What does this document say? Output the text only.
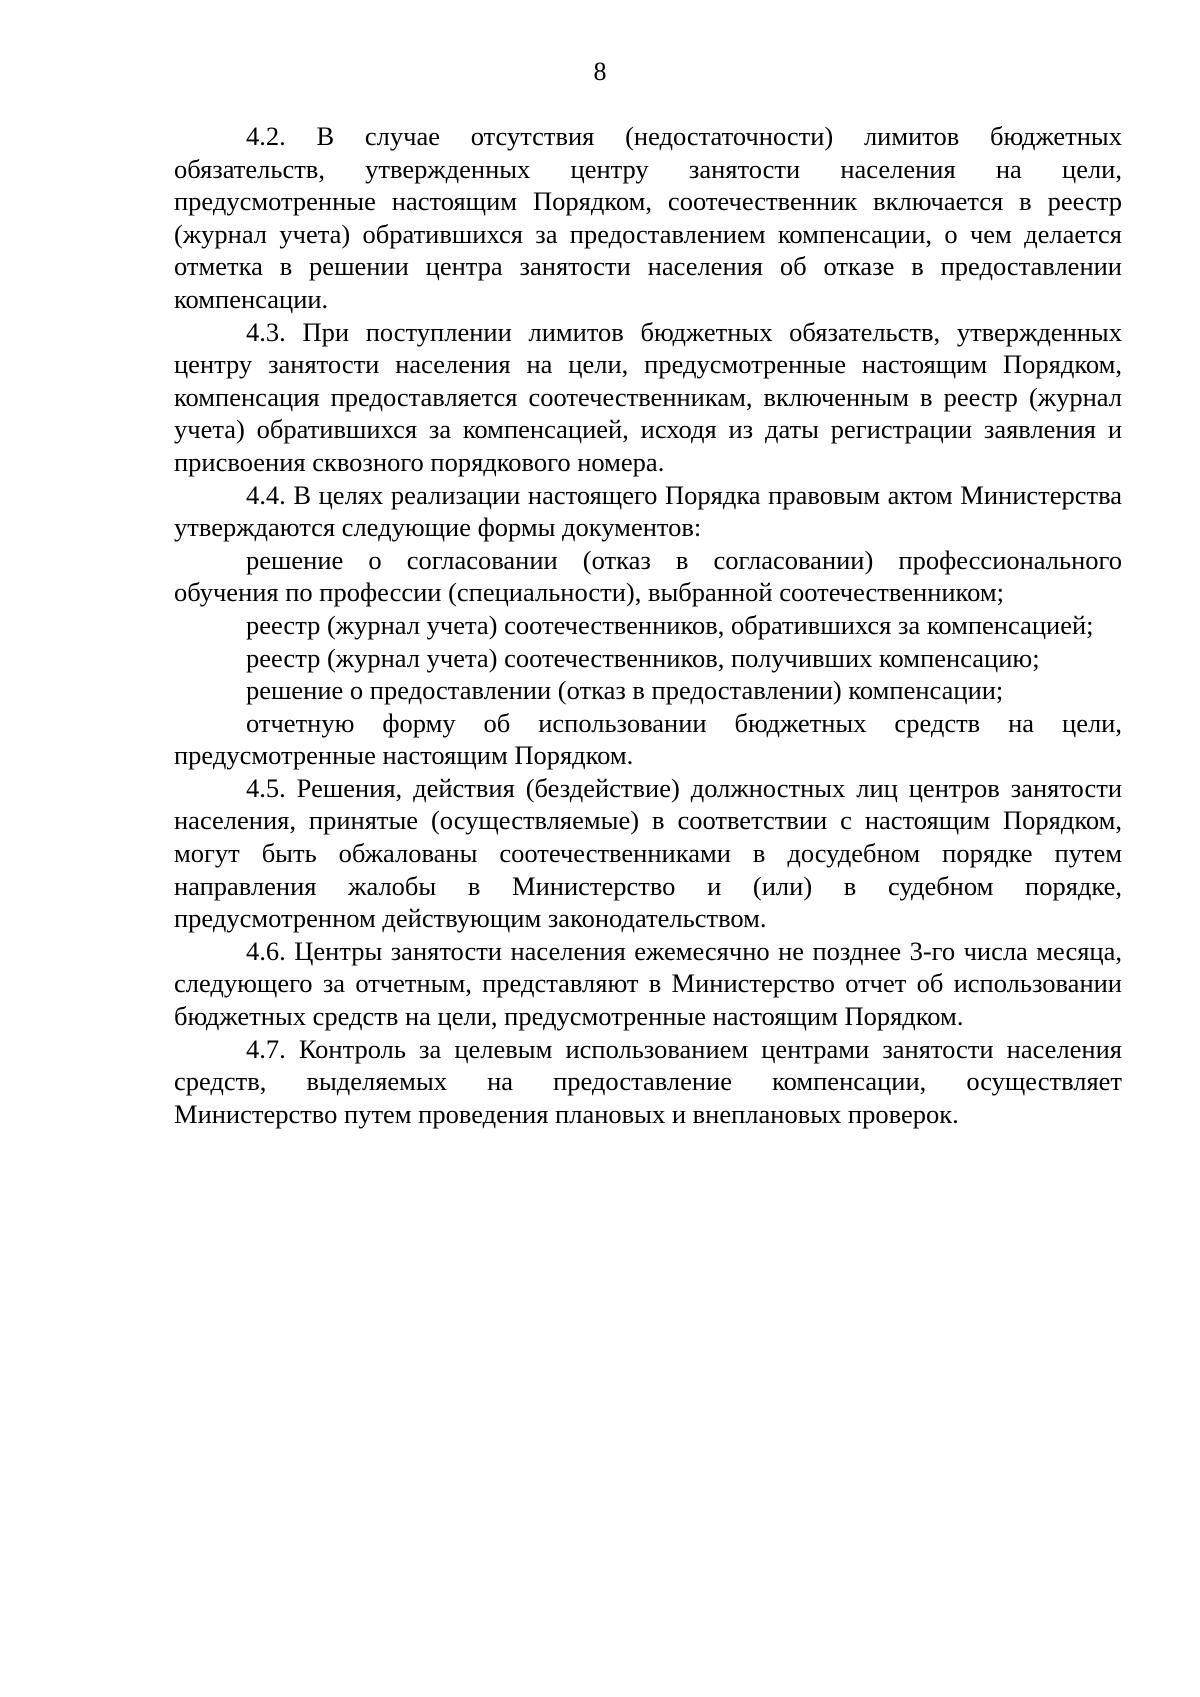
8

4.2. В случае отсутствия (недостаточности) лимитов бюджетных обязательств, утвержденных центру занятости населения на цели, предусмотренные настоящим Порядком, соотечественник включается в реестр (журнал учета) обратившихся за предоставлением компенсации, о чем делается отметка в решении центра занятости населения об отказе в предоставлении компенсации.

4.3. При поступлении лимитов бюджетных обязательств, утвержденных центру занятости населения на цели, предусмотренные настоящим Порядком, компенсация предоставляется соотечественникам, включенным в реестр (журнал учета) обратившихся за компенсацией, исходя из даты регистрации заявления и присвоения сквозного порядкового номера.

4.4. В целях реализации настоящего Порядка правовым актом Министерства утверждаются следующие формы документов:

решение о согласовании (отказ в согласовании) профессионального обучения по профессии (специальности), выбранной соотечественником;

реестр (журнал учета) соотечественников, обратившихся за компенсацией;

реестр (журнал учета) соотечественников, получивших компенсацию;

решение о предоставлении (отказ в предоставлении) компенсации;

отчетную форму об использовании бюджетных средств на цели, предусмотренные настоящим Порядком.

4.5. Решения, действия (бездействие) должностных лиц центров занятости населения, принятые (осуществляемые) в соответствии с настоящим Порядком, могут быть обжалованы соотечественниками в досудебном порядке путем направления жалобы в Министерство и (или) в судебном порядке, предусмотренном действующим законодательством.

4.6. Центры занятости населения ежемесячно не позднее 3-го числа месяца, следующего за отчетным, представляют в Министерство отчет об использовании бюджетных средств на цели, предусмотренные настоящим Порядком.

4.7. Контроль за целевым использованием центрами занятости населения средств, выделяемых на предоставление компенсации, осуществляет Министерство путем проведения плановых и внеплановых проверок.
